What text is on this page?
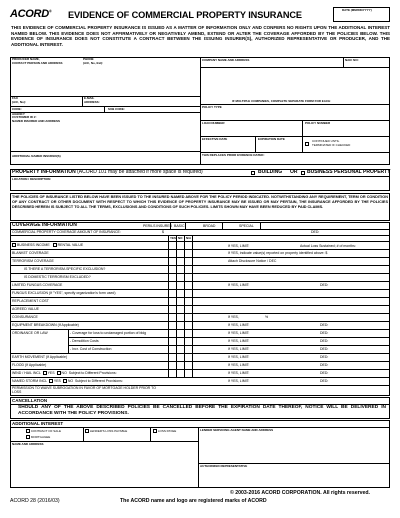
ACORD® EVIDENCE OF COMMERCIAL PROPERTY INSURANCE	DATE (MM/DD/YYYY)
THIS EVIDENCE OF COMMERCIAL PROPERTY INSURANCE IS ISSUED AS A MATTER OF INFORMATION ONLY AND CONFERS NO RIGHTS UPON THE ADDITIONAL INTEREST NAMED BELOW. THIS EVIDENCE DOES NOT AFFIRMATIVELY OR NEGATIVELY AMEND, EXTEND OR ALTER THE COVERAGE AFFORDED BY THE POLICIES BELOW. THIS EVIDENCE OF INSURANCE DOES NOT CONSTITUTE A CONTRACT BETWEEN THE ISSUING INSURER(S), AUTHORIZED REPRESENTATIVE OR PRODUCER, AND THE ADDITIONAL INTEREST.
PRODUCER NAME,
CONTACT PERSON AND ADDRESS
PHONE
(A/C, No, Ext):
COMPANY NAME AND ADDRESS	NAIC NO:
FAX
(A/C, No):
E-MAIL
ADDRESS:	IF MULTIPLE COMPANIES, COMPLETE SEPARATE FORM FOR EACH
CODE:	SUB CODE:	POLICY TYPE
AGENCY
CUSTOMER ID #:
NAMED INSURED AND ADDRESS	LOAN NUMBER	POLICY NUMBER
EFFECTIVE DATE	EXPIRATION DATE	CONTINUED UNTIL
TERMINATED IF CHECKED
THIS REPLACES PRIOR EVIDENCE DATED:
ADDITIONAL NAMED INSURED(S)
PROPERTY INFORMATION (ACORD 101 may be attached if more space is required)	BUILDING OR BUSINESS PERSONAL PROPERTY
LOCATION / DESCRIPTION
THE POLICIES OF INSURANCE LISTED BELOW HAVE BEEN ISSUED TO THE INSURED NAMED ABOVE FOR THE POLICY PERIOD INDICATED. NOTWITHSTANDING ANY REQUIREMENT, TERM OR CONDITION OF ANY CONTRACT OR OTHER DOCUMENT WITH RESPECT TO WHICH THIS EVIDENCE OF PROPERTY INSURANCE MAY BE ISSUED OR MAY PERTAIN, THE INSURANCE AFFORDED BY THE POLICIES DESCRIBED HEREIN IS SUBJECT TO ALL THE TERMS, EXCLUSIONS AND CONDITIONS OF SUCH POLICIES. LIMITS SHOWN MAY HAVE BEEN REDUCED BY PAID CLAIMS.
COVERAGE INFORMATION	PERILS INSURED BASIC	BROAD	SPECIAL
COMMERCIAL PROPERTY COVERAGE AMOUNT OF INSURANCE:	$	DED:
YES NO N/A
BUSINESS INCOME RENTAL VALUE	If YES, LIMIT:	Actual Loss Sustained; # of months:
BLANKET COVERAGE	If YES, indicate value(s) reported on property identified above: $
TERRORISM COVERAGE	Attach Disclosure Notice / DEC
IS THERE A TERRORISM-SPECIFIC EXCLUSION?
IS DOMESTIC TERRORISM EXCLUDED?
LIMITED FUNGUS COVERAGE	If YES, LIMIT:	DED:
FUNGUS EXCLUSION (If "YES", specify organization's form used)
REPLACEMENT COST
AGREED VALUE
COINSURANCE	If YES,	%
EQUIPMENT BREAKDOWN (If Applicable)	If YES, LIMIT:	DED:
ORDINANCE OR LAW	- Coverage for loss to undamaged portion of bldg	If YES, LIMIT:	DED:
- Demolition Costs	If YES, LIMIT:	DED:
- Incr. Cost of Construction	If YES, LIMIT:	DED:
EARTH MOVEMENT (If Applicable)	If YES, LIMIT:	DED:
FLOOD (If Applicable)	If YES, LIMIT:	DED:
WIND / HAIL INCL YES NO Subject to Different Provisions:	If YES, LIMIT:	DED:
NAMED STORM INCL YES NO Subject to Different Provisions:	If YES, LIMIT:	DED:
PERMISSION TO WAIVE SUBROGATION IN FAVOR OF MORTGAGE HOLDER PRIOR TO LOSS
CANCELLATION
SHOULD ANY OF THE ABOVE DESCRIBED POLICIES BE CANCELLED BEFORE THE EXPIRATION DATE THEREOF, NOTICE WILL BE DELIVERED IN ACCORDANCE WITH THE POLICY PROVISIONS.
ADDITIONAL INTEREST
CONTRACT OF SALE	LENDER'S LOSS PAYABLE	LOSS PAYEE
MORTGAGEE
NAME AND ADDRESS
LENDER SERVICING AGENT NAME AND ADDRESS
AUTHORIZED REPRESENTATIVE
© 2003-2016 ACORD CORPORATION. All rights reserved.
ACORD 28 (2016/03)	The ACORD name and logo are registered marks of ACORD
